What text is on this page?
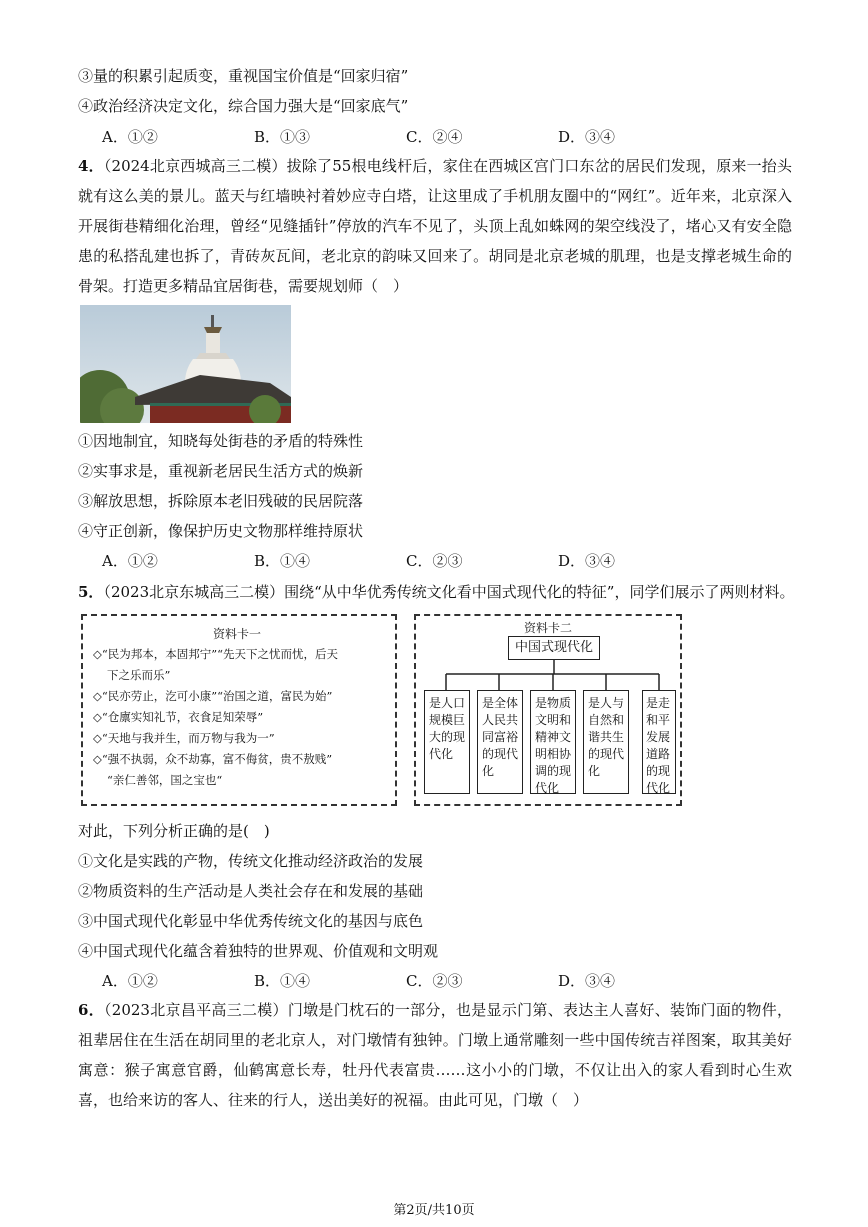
③量的积累引起质变，重视国宝价值是“回家归宿”
④政治经济决定文化，综合国力强大是“回家底气”
A．①②	B．①③	C．②④	D．③④
4．（2024北京西城高三二模）拔除了55根电线杆后，家住在西城区宫门口东岔的居民们发现，原来一抬头就有这么美的景儿。蓝天与红墙映衬着妙应寺白塔，让这里成了手机朋友圈中的“网红”。近年来，北京深入开展街巷精细化治理，曾经“见缝插针”停放的汽车不见了，头顶上乱如蛛网的架空线没了，堵心又有安全隐患的私搭乱建也拆了，青砖灰瓦间，老北京的韵味又回来了。胡同是北京老城的肌理，也是支撑老城生命的骨架。打造更多精品宜居街巷，需要规划师（　）
①因地制宜，知晓每处街巷的矛盾的特殊性
②实事求是，重视新老居民生活方式的焕新
③解放思想，拆除原本老旧残破的民居院落
④守正创新，像保护历史文物那样维持原状
A．①②	B．①④	C．②③	D．③④
5．（2023北京东城高三二模）围绕“从中华优秀传统文化看中国式现代化的特征”，同学们展示了两则材料。
资料卡一
◇“民为邦本，本固邦宁”“先天下之忧而忧，后天
下之乐而乐”
◇“民亦劳止，汔可小康”“治国之道，富民为始”
◇“仓廪实知礼节，衣食足知荣辱”
◇“天地与我并生，而万物与我为一”
◇“强不执弱，众不劫寡，富不侮贫，贵不敖贱”
“亲仁善邻，国之宝也“
资料卡二
中国式现代化
是人口规模巨大的现代化
是全体人民共同富裕的现代化
是物质文明和精神文明相协调的现代化
是人与自然和谐共生的现代化
是走和平发展道路的现代化
对此，下列分析正确的是(　)
①文化是实践的产物，传统文化推动经济政治的发展
②物质资料的生产活动是人类社会存在和发展的基础
③中国式现代化彰显中华优秀传统文化的基因与底色
④中国式现代化蕴含着独特的世界观、价值观和文明观
A．①②	B．①④	C．②③	D．③④
6．（2023北京昌平高三二模）门墩是门枕石的一部分，也是显示门第、表达主人喜好、装饰门面的物件，祖辈居住在生活在胡同里的老北京人，对门墩情有独钟。门墩上通常雕刻一些中国传统吉祥图案，取其美好寓意：猴子寓意官爵，仙鹤寓意长寿，牡丹代表富贵……这小小的门墩，不仅让出入的家人看到时心生欢喜，也给来访的客人、往来的行人，送出美好的祝福。由此可见，门墩（　）
第2页/共10页
